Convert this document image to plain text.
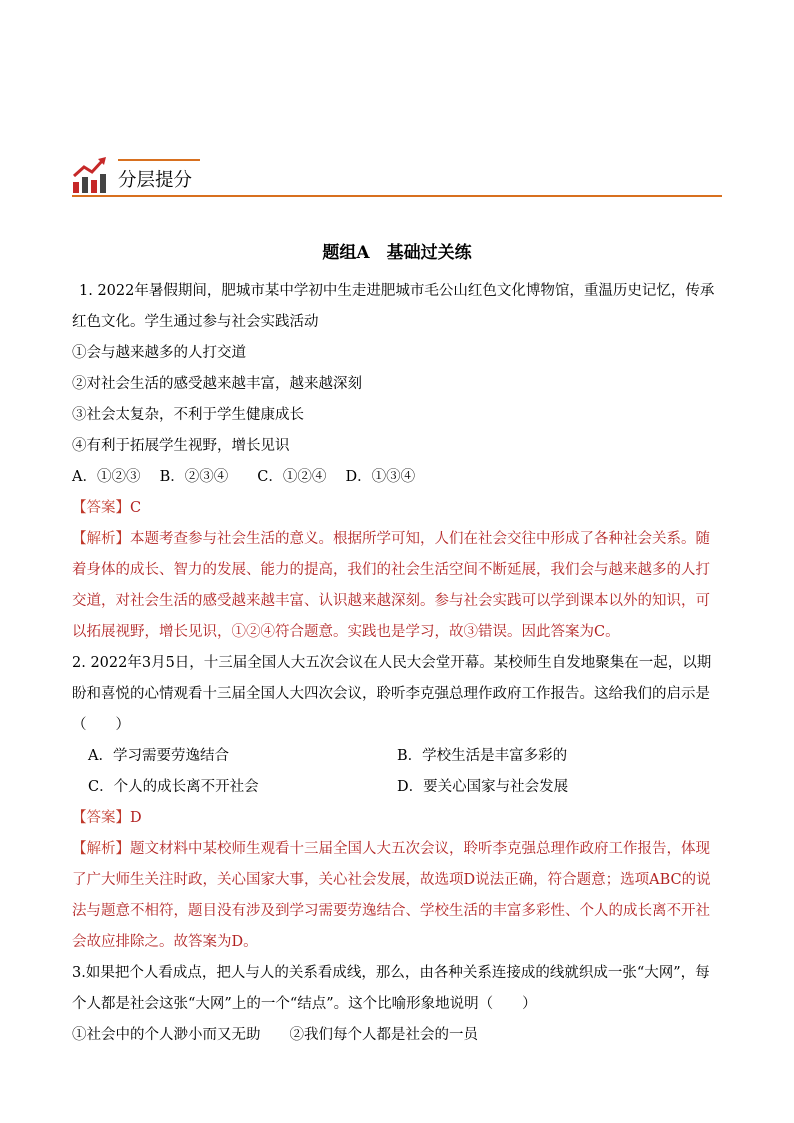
分层提分
题组A　基础过关练

1. 2022年暑假期间，肥城市某中学初中生走进肥城市毛公山红色文化博物馆，重温历史记忆，传承红色文化。学生通过参与社会实践活动

①会与越来越多的人打交道

②对社会生活的感受越来越丰富，越来越深刻

③社会太复杂，不利于学生健康成长

④有利于拓展学生视野，增长见识

A．①②③　 B．②③④　　C．①②④　 D．①③④

【答案】C

【解析】本题考查参与社会生活的意义。根据所学可知，人们在社会交往中形成了各种社会关系。随着身体的成长、智力的发展、能力的提高，我们的社会生活空间不断延展，我们会与越来越多的人打交道，对社会生活的感受越来越丰富、认识越来越深刻。参与社会实践可以学到课本以外的知识，可以拓展视野，增长见识，①②④符合题意。实践也是学习，故③错误。因此答案为C。

2. 2022年3月5日，十三届全国人大五次会议在人民大会堂开幕。某校师生自发地聚集在一起，以期盼和喜悦的心情观看十三届全国人大四次会议，聆听李克强总理作政府工作报告。这给我们的启示是（　　）

A．学习需要劳逸结合	B．学校生活是丰富多彩的
C．个人的成长离不开社会	D．要关心国家与社会发展

【答案】D

【解析】题文材料中某校师生观看十三届全国人大五次会议，聆听李克强总理作政府工作报告，体现了广大师生关注时政，关心国家大事，关心社会发展，故选项D说法正确，符合题意；选项ABC的说法与题意不相符，题目没有涉及到学习需要劳逸结合、学校生活的丰富多彩性、个人的成长离不开社会故应排除之。故答案为D。

3.如果把个人看成点，把人与人的关系看成线，那么，由各种关系连接成的线就织成一张“大网”，每个人都是社会这张“大网”上的一个“结点”。这个比喻形象地说明（　　）

①社会中的个人渺小而又无助　　②我们每个人都是社会的一员
